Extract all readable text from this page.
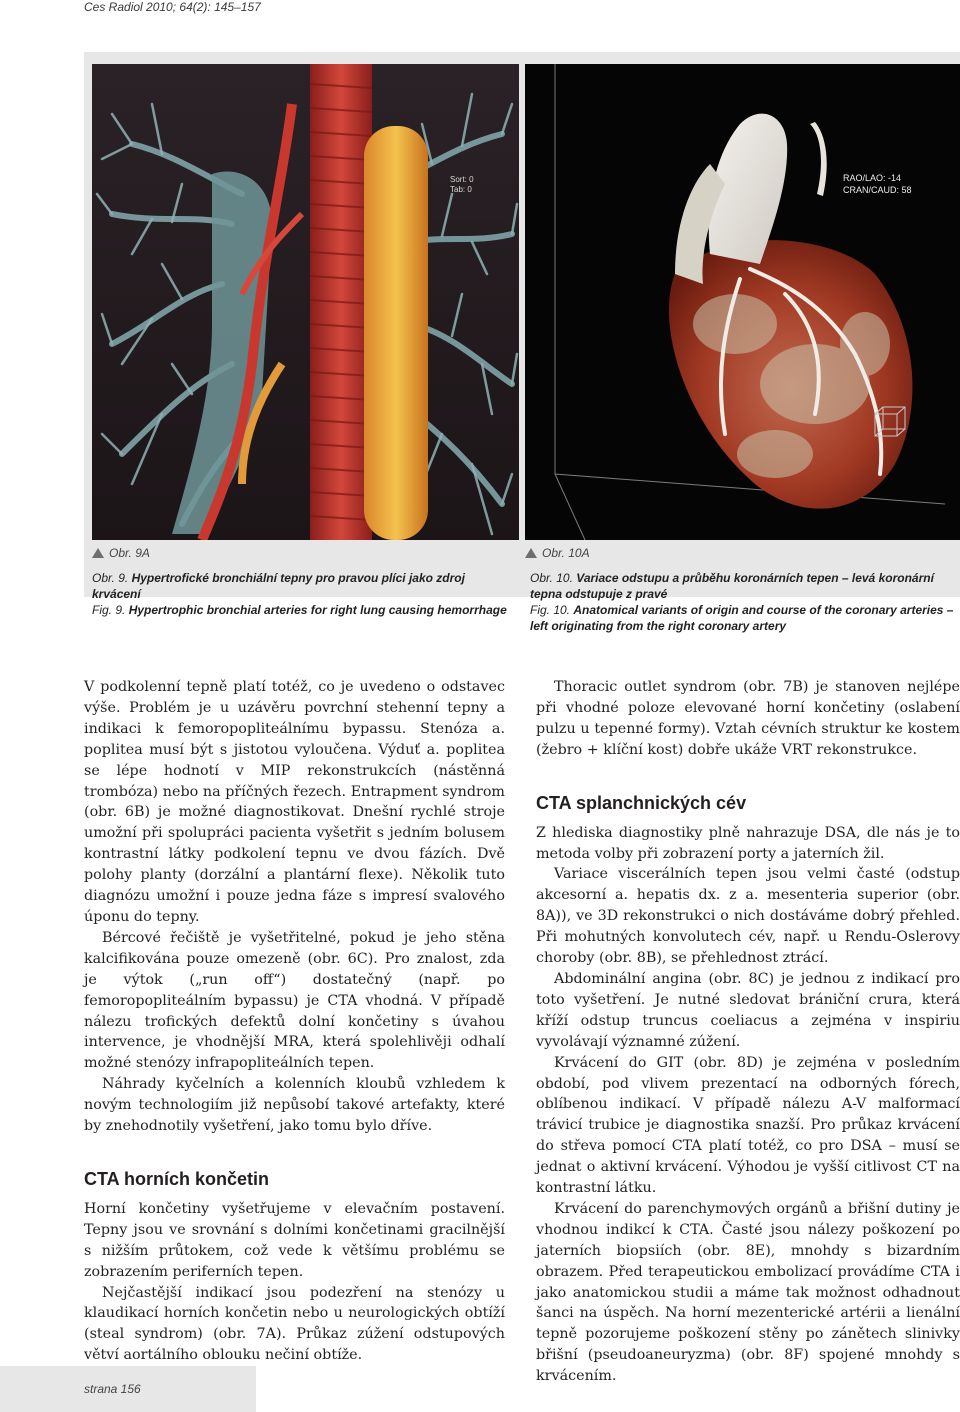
Ces Radiol 2010; 64(2): 145–157
Sort: 0
Tab: 0
RAO/LAO: -14
CRAN/CAUD: 58
Obr. 9A	Obr. 10A
Obr. 9. Hypertrofické bronchiální tepny pro pravou plíci jako zdroj krvácení
Fig. 9. Hypertrophic bronchial arteries for right lung causing hemorrhage
Obr. 10. Variace odstupu a průběhu koronárních tepen – levá koronární tepna odstupuje z pravé
Fig. 10. Anatomical variants of origin and course of the coronary arteries – left originating from the right coronary artery

V podkolenní tepně platí totéž, co je uvedeno o odstavec výše. Problém je u uzávěru povrchní stehenní tepny a indikaci k femoropopliteálnímu bypassu. Stenóza a. poplitea musí být s jistotou vyloučena. Výduť a. poplitea se lépe hodnotí v MIP rekonstrukcích (nástěnná trombóza) nebo na příčných řezech. Entrapment syndrom (obr. 6B) je možné diagnostikovat. Dnešní rychlé stroje umožní při spolupráci pacienta vyšetřit s jedním bolusem kontrastní látky podkolení tepnu ve dvou fázích. Dvě polohy planty (dorzální a plantární flexe). Několik tuto diagnózu umožní i pouze jedna fáze s impresí svalového úponu do tepny.

Bércové řečiště je vyšetřitelné, pokud je jeho stěna kalcifikována pouze omezeně (obr. 6C). Pro znalost, zda je výtok („run off“) dostatečný (např. po femoropopliteálním bypassu) je CTA vhodná. V případě nálezu trofických defektů dolní končetiny s úvahou intervence, je vhodnější MRA, která spolehlivěji odhalí možné stenózy infrapopliteálních tepen.

Náhrady kyčelních a kolenních kloubů vzhledem k novým technologiím již nepůsobí takové artefakty, které by znehodnotily vyšetření, jako tomu bylo dříve.

CTA horních končetin

Horní končetiny vyšetřujeme v elevačním postavení. Tepny jsou ve srovnání s dolními končetinami gracilnější s nižším průtokem, což vede k většímu problému se zobrazením periferních tepen.

Nejčastější indikací jsou podezření na stenózy u klaudikací horních končetin nebo u neurologických obtíží (steal syndrom) (obr. 7A). Průkaz zúžení odstupových větví aortálního oblouku nečiní obtíže.

Thoracic outlet syndrom (obr. 7B) je stanoven nejlépe při vhodné poloze elevované horní končetiny (oslabení pulzu u tepenné formy). Vztah cévních struktur ke kostem (žebro + klíční kost) dobře ukáže VRT rekonstrukce.

CTA splanchnických cév

Z hlediska diagnostiky plně nahrazuje DSA, dle nás je to metoda volby při zobrazení porty a jaterních žil.

Variace viscerálních tepen jsou velmi časté (odstup akcesorní a. hepatis dx. z a. mesenteria superior (obr. 8A)), ve 3D rekonstrukci o nich dostáváme dobrý přehled. Při mohutných konvolutech cév, např. u Rendu-Oslerovy choroby (obr. 8B), se přehlednost ztrácí.

Abdominální angina (obr. 8C) je jednou z indikací pro toto vyšetření. Je nutné sledovat brániční crura, která kříží odstup truncus coeliacus a zejména v inspiriu vyvolávají významné zúžení.

Krvácení do GIT (obr. 8D) je zejména v posledním období, pod vlivem prezentací na odborných fórech, oblíbenou indikací. V případě nálezu A-V malformací trávicí trubice je diagnostika snazší. Pro průkaz krvácení do střeva pomocí CTA platí totéž, co pro DSA – musí se jednat o aktivní krvácení. Výhodou je vyšší citlivost CT na kontrastní látku.

Krvácení do parenchymových orgánů a břišní dutiny je vhodnou indikcí k CTA. Časté jsou nálezy poškození po jaterních biopsiích (obr. 8E), mnohdy s bizardním obrazem. Před terapeutickou embolizací provádíme CTA i jako anatomickou studii a máme tak možnost odhadnout šanci na úspěch. Na horní mezenterické artérii a lienální tepně pozorujeme poškození stěny po zánětech slinivky břišní (pseudoaneuryzma) (obr. 8F) spojené mnohdy s krvácením.

strana 156
